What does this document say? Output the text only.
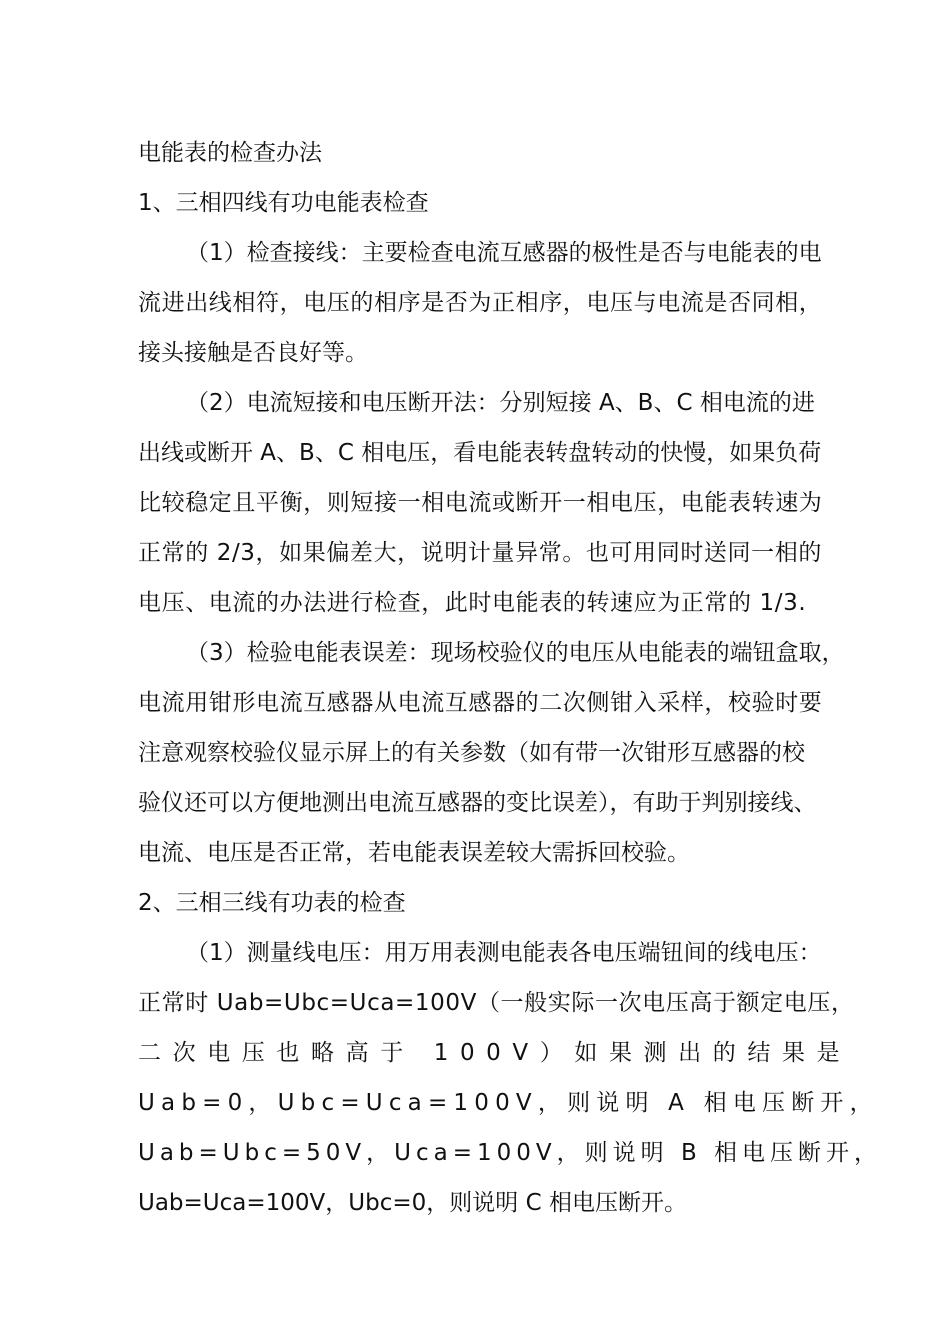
电能表的检查办法
1、三相四线有功电能表检查
（1）检查接线：主要检查电流互感器的极性是否与电能表的电
流进出线相符，电压的相序是否为正相序，电压与电流是否同相，
接头接触是否良好等。
（2）电流短接和电压断开法：分别短接 A、B、C 相电流的进
出线或断开 A、B、C 相电压，看电能表转盘转动的快慢，如果负荷
比较稳定且平衡，则短接一相电流或断开一相电压，电能表转速为
正常的 2/3，如果偏差大，说明计量异常。也可用同时送同一相的
电压、电流的办法进行检查，此时电能表的转速应为正常的 1/3.
（3）检验电能表误差：现场校验仪的电压从电能表的端钮盒取，
电流用钳形电流互感器从电流互感器的二次侧钳入采样，校验时要
注意观察校验仪显示屏上的有关参数（如有带一次钳形互感器的校
验仪还可以方便地测出电流互感器的变比误差），有助于判别接线、
电流、电压是否正常，若电能表误差较大需拆回校验。
2、三相三线有功表的检查
（1）测量线电压：用万用表测电能表各电压端钮间的线电压：
正常时 Uab=Ubc=Uca=100V（一般实际一次电压高于额定电压，
二次电压也略高于 100V）如果测出的结果是
Uab=0，Ubc=Uca=100V，则说明 A 相电压断开，
Uab=Ubc=50V，Uca=100V，则说明 B 相电压断开，
Uab=Uca=100V，Ubc=0，则说明 C 相电压断开。
